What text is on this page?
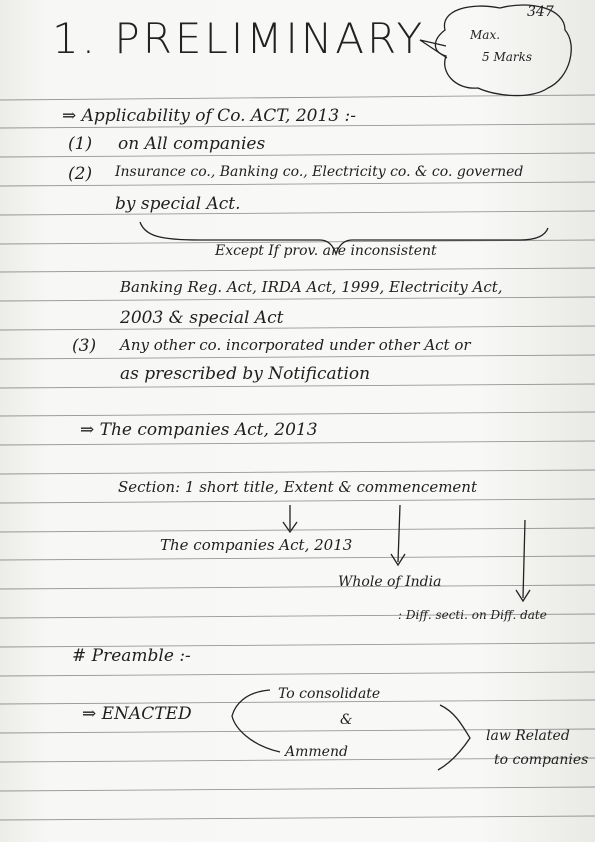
347
1. PRELIMINARY	Max.
5 Marks
⇒ Applicability of Co. ACT, 2013 :-
(1) on All companies
(2) Insurance co., Banking co., Electricity co. & co. governed
by special Act.
Except If prov. are inconsistent
Banking Reg. Act, IRDA Act, 1999, Electricity Act,
2003 & special Act
(3) Any other co. incorporated under other Act or
as prescribed by Notification
⇒ The companies Act, 2013
Section: 1 short title, Extent & commencement
The companies Act, 2013
Whole of India
: Diff. secti. on Diff. date
# Preamble :-
⇒ ENACTED
To consolidate
&
Ammend
law Related
to companies
